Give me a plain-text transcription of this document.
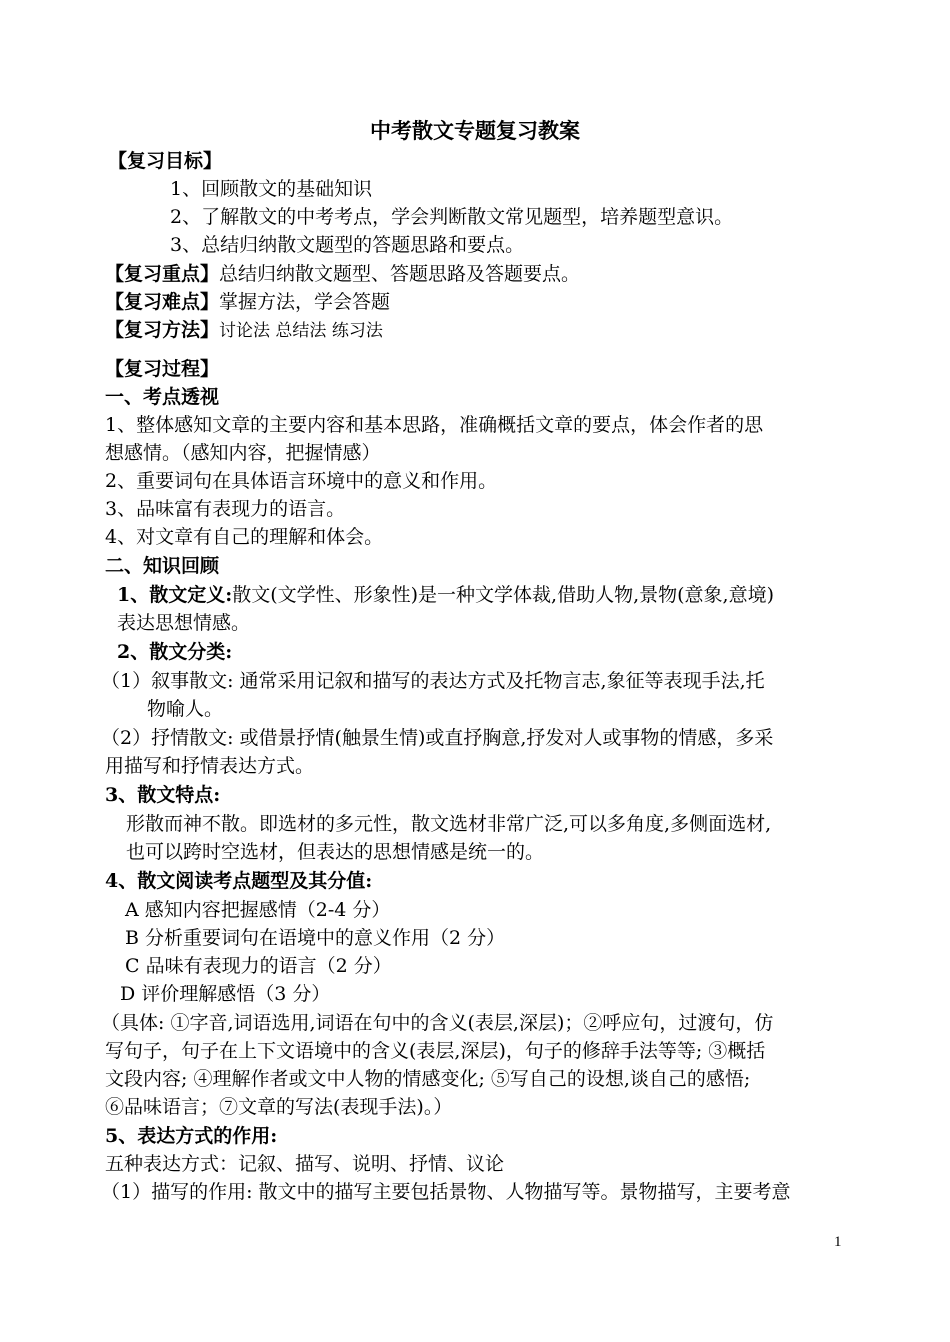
中考散文专题复习教案
【复习目标】
1、回顾散文的基础知识
2、了解散文的中考考点，学会判断散文常见题型，培养题型意识。
3、总结归纳散文题型的答题思路和要点。
【复习重点】总结归纳散文题型、答题思路及答题要点。
【复习难点】掌握方法，学会答题
【复习方法】讨论法 总结法 练习法
【复习过程】
一、考点透视
1、整体感知文章的主要内容和基本思路，准确概括文章的要点，体会作者的思
想感情。（感知内容，把握情感）
2、重要词句在具体语言环境中的意义和作用。
3、品味富有表现力的语言。
4、对文章有自己的理解和体会。
二、知识回顾
1、散文定义:散文(文学性、形象性)是一种文学体裁,借助人物,景物(意象,意境)
表达思想情感。
2、散文分类:
（1）叙事散文: 通常采用记叙和描写的表达方式及托物言志,象征等表现手法,托
物喻人。
（2）抒情散文: 或借景抒情(触景生情)或直抒胸意,抒发对人或事物的情感，多采
用描写和抒情表达方式。
3、散文特点:
形散而神不散。即选材的多元性，散文选材非常广泛,可以多角度,多侧面选材,
也可以跨时空选材，但表达的思想情感是统一的。
4、散文阅读考点题型及其分值:
A 感知内容把握感情（2-4 分）
B 分析重要词句在语境中的意义作用（2 分）
C 品味有表现力的语言（2 分）
D 评价理解感悟（3 分）
（具体: ①字音,词语选用,词语在句中的含义(表层,深层)；②呼应句，过渡句，仿
写句子，句子在上下文语境中的含义(表层,深层)，句子的修辞手法等等; ③概括
文段内容; ④理解作者或文中人物的情感变化; ⑤写自己的设想,谈自己的感悟;
⑥品味语言；⑦文章的写法(表现手法)。）
5、表达方式的作用:
五种表达方式：记叙、描写、说明、抒情、议论
（1）描写的作用: 散文中的描写主要包括景物、人物描写等。景物描写，主要考意
1
